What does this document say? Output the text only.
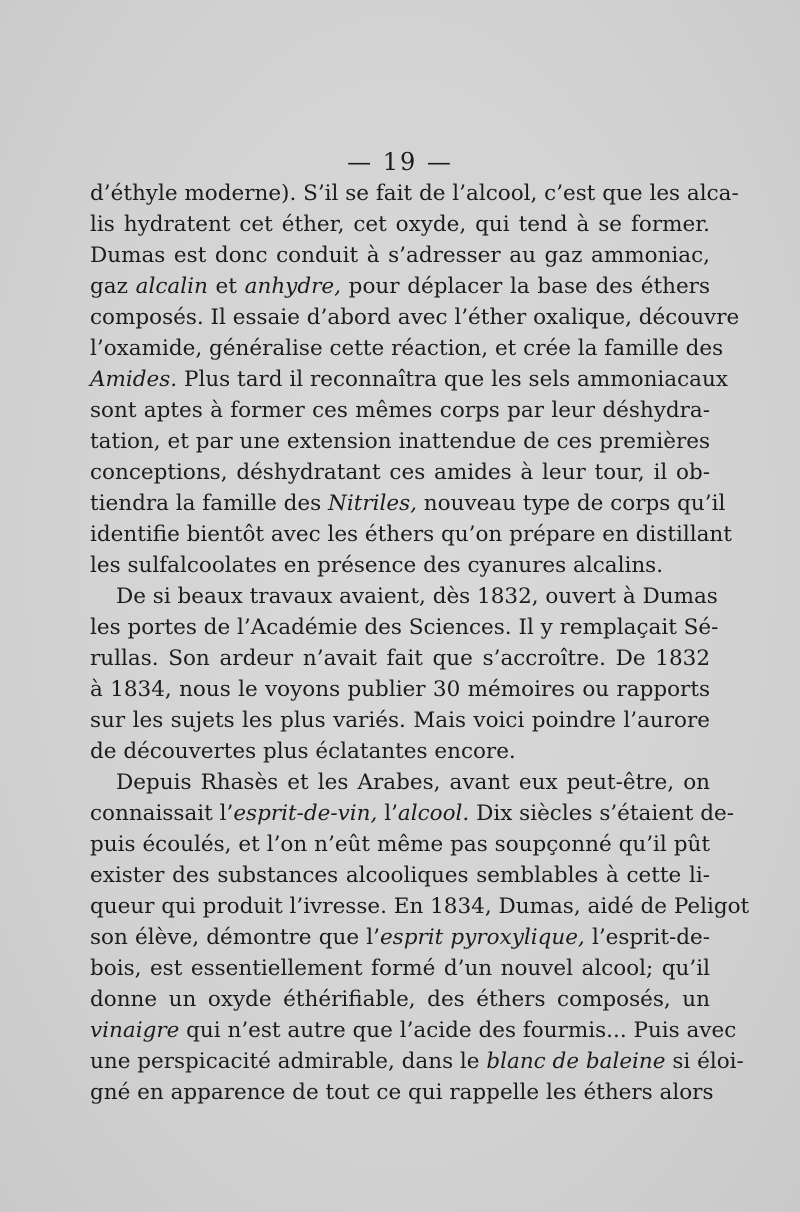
— 19 —
d’éthyle moderne). S’il se fait de l’alcool, c’est que les alca-
lis hydratent cet éther, cet oxyde, qui tend à se former.
Dumas est donc conduit à s’adresser au gaz ammoniac,
gaz alcalin et anhydre, pour déplacer la base des éthers
composés. Il essaie d’abord avec l’éther oxalique, découvre
l’oxamide, généralise cette réaction, et crée la famille des
Amides. Plus tard il reconnaîtra que les sels ammoniacaux
sont aptes à former ces mêmes corps par leur déshydra-
tation, et par une extension inattendue de ces premières
conceptions, déshydratant ces amides à leur tour, il ob-
tiendra la famille des Nitriles, nouveau type de corps qu’il
identifie bientôt avec les éthers qu’on prépare en distillant
les sulfalcoolates en présence des cyanures alcalins.
De si beaux travaux avaient, dès 1832, ouvert à Dumas
les portes de l’Académie des Sciences. Il y remplaçait Sé-
rullas. Son ardeur n’avait fait que s’accroître. De 1832
à 1834, nous le voyons publier 30 mémoires ou rapports
sur les sujets les plus variés. Mais voici poindre l’aurore
de découvertes plus éclatantes encore.
Depuis Rhasès et les Arabes, avant eux peut-être, on
connaissait l’esprit-de-vin, l’alcool. Dix siècles s’étaient de-
puis écoulés, et l’on n’eût même pas soupçonné qu’il pût
exister des substances alcooliques semblables à cette li-
queur qui produit l’ivresse. En 1834, Dumas, aidé de Peligot
son élève, démontre que l’esprit pyroxylique, l’esprit-de-
bois, est essentiellement formé d’un nouvel alcool; qu’il
donne un oxyde éthérifiable, des éthers composés, un
vinaigre qui n’est autre que l’acide des fourmis... Puis avec
une perspicacité admirable, dans le blanc de baleine si éloi-
gné en apparence de tout ce qui rappelle les éthers alors
